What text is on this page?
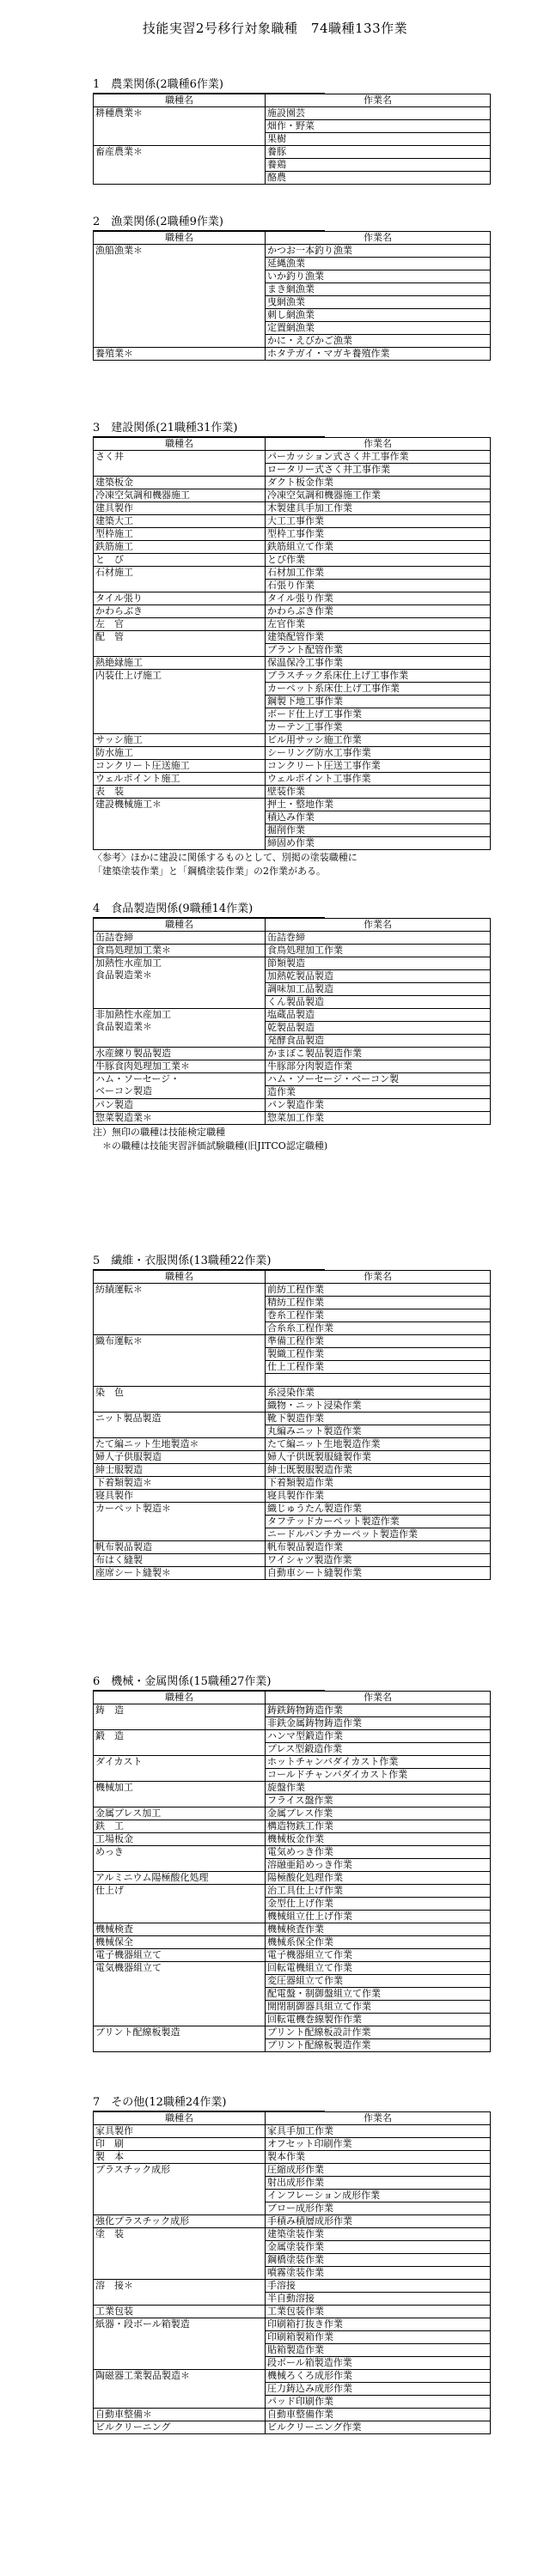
技能実習2号移行対象職種　74職種133作業
1　農業関係(2職種6作業)
職種名	作業名
耕種農業＊	施設園芸
	畑作・野菜
	果樹
畜産農業＊	養豚
	養鶏
	酪農
2　漁業関係(2職種9作業)
職種名	作業名
漁船漁業＊	かつお一本釣り漁業
	延縄漁業
	いか釣り漁業
	まき網漁業
	曳網漁業
	刺し網漁業
	定置網漁業
	かに・えびかご漁業
養殖業＊	ホタテガイ・マガキ養殖作業
3　建設関係(21職種31作業)
職種名	作業名
さく井	パーカッション式さく井工事作業
	ロータリー式さく井工事作業
建築板金	ダクト板金作業
冷凍空気調和機器施工	冷凍空気調和機器施工作業
建具製作	木製建具手加工作業
建築大工	大工工事作業
型枠施工	型枠工事作業
鉄筋施工	鉄筋組立て作業
と　び	とび作業
石材施工	石材加工作業
	石張り作業
タイル張り	タイル張り作業
かわらぶき	かわらぶき作業
左　官	左官作業
配　管	建築配管作業
	プラント配管作業
熱絶縁施工	保温保冷工事作業
内装仕上げ施工	プラスチック系床仕上げ工事作業
	カーペット系床仕上げ工事作業
	鋼製下地工事作業
	ボード仕上げ工事作業
	カーテン工事作業
サッシ施工	ビル用サッシ施工作業
防水施工	シーリング防水工事作業
コンクリート圧送施工	コンクリート圧送工事作業
ウェルポイント施工	ウェルポイント工事作業
表　装	壁装作業
建設機械施工＊	押土・整地作業
	積込み作業
	掘削作業
	締固め作業
〈参考〉ほかに建設に関係するものとして、別掲の塗装職種に
「建築塗装作業」と「鋼橋塗装作業」の2作業がある。
4　食品製造関係(9職種14作業)
職種名	作業名
缶詰巻締	缶詰巻締
食鳥処理加工業＊	食鳥処理加工作業
加熱性水産加工
食品製造業＊	節類製造
	加熱乾製品製造
	調味加工品製造
	くん製品製造
非加熱性水産加工
食品製造業＊	塩蔵品製造
	乾製品製造
	発酵食品製造
水産練り製品製造	かまぼこ製品製造作業
牛豚食肉処理加工業＊	牛豚部分肉製造作業
ハム・ソーセージ・
ベーコン製造	ハム・ソーセージ・ベーコン製
	造作業
パン製造	パン製造作業
惣菜製造業＊	惣菜加工作業
注）無印の職種は技能検定職種
　＊の職種は技能実習評価試験職種(旧JITCO認定職種)
5　繊維・衣服関係(13職種22作業)
職種名	作業名
紡績運転＊	前紡工程作業
	精紡工程作業
	巻糸工程作業
	合糸糸工程作業
織布運転＊	準備工程作業
	製織工程作業
	仕上工程作業

染　色	糸浸染作業
	織物・ニット浸染作業
ニット製品製造	靴下製造作業
	丸編みニット製造作業
たて編ニット生地製造＊	たて編ニット生地製造作業
婦人子供服製造	婦人子供既製服縫製作業
紳士服製造	紳士既製服製造作業
下着類製造＊	下着類製造作業
寝具製作	寝具製作作業
カーペット製造＊	織じゅうたん製造作業
	タフテッドカーペット製造作業
	ニードルパンチカーペット製造作業
帆布製品製造	帆布製品製造作業
布はく縫製	ワイシャツ製造作業
座席シート縫製＊	自動車シート縫製作業
6　機械・金属関係(15職種27作業)
職種名	作業名
鋳　造	鋳鉄鋳物鋳造作業
	非鉄金属鋳物鋳造作業
鍛　造	ハンマ型鍛造作業
	プレス型鍛造作業
ダイカスト	ホットチャンバダイカスト作業
	コールドチャンバダイカスト作業
機械加工	旋盤作業
	フライス盤作業
金属プレス加工	金属プレス作業
鉄　工	構造物鉄工作業
工場板金	機械板金作業
めっき	電気めっき作業
	溶融亜鉛めっき作業
アルミニウム陽極酸化処理	陽極酸化処理作業
仕上げ	治工具仕上げ作業
	金型仕上げ作業
	機械組立仕上げ作業
機械検査	機械検査作業
機械保全	機械系保全作業
電子機器組立て	電子機器組立て作業
電気機器組立て	回転電機組立て作業
	変圧器組立て作業
	配電盤・制御盤組立て作業
	開閉制御器具組立て作業
	回転電機巻線製作作業
プリント配線板製造	プリント配線板設計作業
	プリント配線板製造作業
7　その他(12職種24作業)
職種名	作業名
家具製作	家具手加工作業
印　刷	オフセット印刷作業
製　本	製本作業
プラスチック成形	圧縮成形作業
	射出成形作業
	インフレーション成形作業
	ブロー成形作業
強化プラスチック成形	手積み積層成形作業
塗　装	建築塗装作業
	金属塗装作業
	鋼橋塗装作業
	噴霧塗装作業
溶　接＊	手溶接
	半自動溶接
工業包装	工業包装作業
紙器・段ボール箱製造	印刷箱打抜き作業
	印刷箱製箱作業
	貼箱製造作業
	段ボール箱製造作業
陶磁器工業製品製造＊	機械ろくろ成形作業
	圧力鋳込み成形作業
	パッド印刷作業
自動車整備＊	自動車整備作業
ビルクリーニング	ビルクリーニング作業
